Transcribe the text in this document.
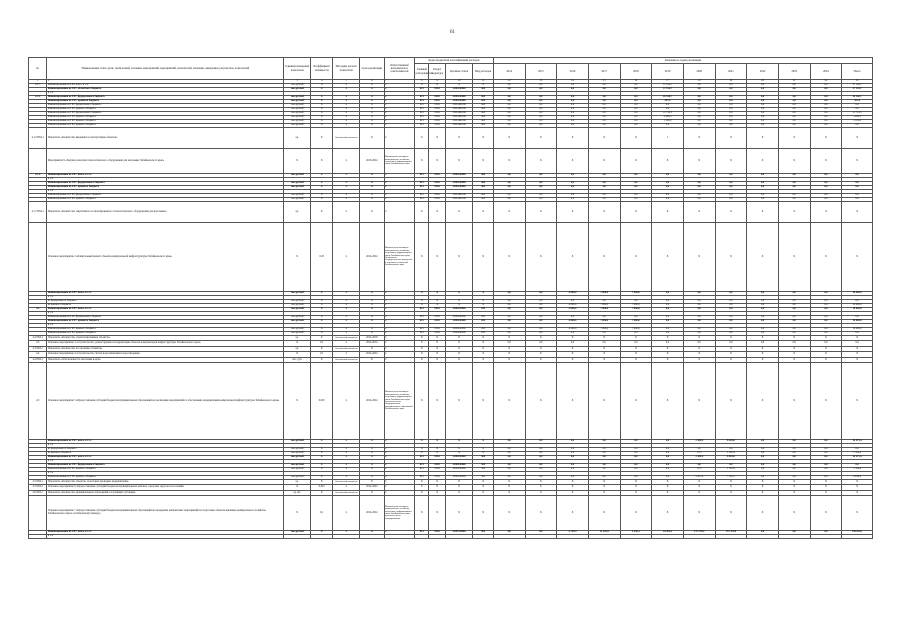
61
№	Наименование этапа, цели, тактический, основные мероприятий, мероприятий, показателей, значения, ожидаемых результатов, показателей	Единица измерения показателя	Коэффициент значимости	Методика расчета показателя	Срок реализации	Ответственный исполнитель и соисполнители	Коды бюджетной классификации расходов				Значения по годам реализации											
							Главный распорядитель	Раздел подраздел	Целевая статья	Вид расходов	2014	2015	2016	2017	2018	2019	2020	2021	2022	2023	2024	Итого

1	2	3	4	5	6	7	8	9	10	11	12	13	14	15	16	17	18	19	20	21	22	23
4.1.3	Финансирование из ГБУ всего, в т.ч.:	тыс.рублей	X	X	X	X	X	X	X	X	0,0	0,0	0,0	0,0	0,0	37 194,7	0,0	0,0	0,0	0,0	0,0	37 194,7
	Финансирование из ГБУ областного бюджета	тыс.рублей	X	X	X	X	821	0502	3300140060	400	0,0	0,0	0,0	0,0	0,0	37 194,7	0,0	0,0	0,0	0,0	0,0	37 194,7
	в т.ч.																					
4.1.4	Финансирование из ГБУ федерального бюджета	тыс.рублей	X	X	X	X	821	0502	3300140060	400	0,0	0,0	0,0	0,0	0,0	20 140,7	0,0	0,0	0,0	0,0	0,0	20 140,7
	Финансирование из ГБУ краевого бюджета	тыс.рублей	X	X	X	X	821	0502	3300140060	400	0,0	0,0	0,0	0,0	0,0	957,0	0,0	0,0	0,0	0,0	0,0	957,0
	Финансирование из ГБУ федерального бюджета	тыс.рублей	X	X	X	X	821	0502	33001R0180	400	0,0	0,0	0,0	0,0	0,0	0,0	0,0	0,0	0,0	0,0	0,0	0,0
	Финансирование из ГБУ краевого бюджета	тыс.рублей	X	X	X	X	821	0502	33001R0180	400	0,0	0,0	0,0	0,0	0,0	0,0	0,0	0,0	0,0	0,0	0,0	0,0
	Финансирование из ГБУ федерального бюджета	тыс.рублей	X	X	X	X	821	0502	33001R0180	400	0,0	0,0	0,0	0,0	0,0	11 710,5	0,0	0,0	0,0	0,0	0,0	11 710,5
	Финансирование из ГБУ краевого бюджета	тыс.рублей	X	X	X	X	821	0502	33001R0180	400	0,0	0,0	0,0	0,0	0,0	3 286,5	0,0	0,0	0,0	0,0	0,0	3 286,5
	Финансирование из ГБУ краевого бюджета	тыс.рублей	X	X	X	X	821	0502	33001R0180	400	0,0	0,0	0,0	0,0	0,0	1 100,0	0,0	0,0	0,0	0,0	0,0	1 100,0
	Финансирование из ГБУ краевого бюджета	тыс.рублей	X	X	X	X	821	0502	33001R0180	400	0,0	0,0	0,0	0,0	0,0	0,0	0,0	0,0	0,0	0,0	0,0	0,0
4.1.5 ПМ-1	Показатель «Количество введенных в эксплуатацию объектов»	ед.	X	Абсолютный показатель	X	X	X	X	X	X	X	X	X	X	X	1	X	X	X	X	X	X
	Мероприятие 9 «Закупка и монтаж технологического оборудования для котельных Забайкальского края»	X	X	X	2019-2024	Министерство жилищно-коммунального хозяйства, энергетики, цифровизации и связи Забайкальского края	X	X	X	X	X	X	X	X	X	X	X	X	X	X	X	X
4.1.6	Финансирование из ГБУ всего, в т.ч.:	тыс.рублей	X	X	X	X	821	0502	3300140060	400	0,0	0,0	0,0	0,0	0,0	0,0	0,0	0,0	0,0	0,0	0,0	0,0
	в т.ч.																					
	Финансирование из ГБУ федерального бюджета	тыс.рублей	X	X	X	X	821	0502	3300140060	400	0,0	0,0	0,0	0,0	0,0	0,0	0,0	0,0	0,0	0,0	0,0	0,0
	Финансирование из ГБУ краевого бюджета	тыс.рублей	X	X	X	X	821	0502	3300140060	400	0,0	0,0	0,0	0,0	0,0	0,0	0,0	0,0	0,0	0,0	0,0	0,0
	в т.ч.																					
	Финансирование из ГБУ федерального бюджета	тыс.рублей	X	X	X	X	821	0502	33001R0180	400	0,0	0,0	0,0	0,0	0,0	0,0	0,0	0,0	0,0	0,0	0,0	0,0
	Финансирование из ГБУ краевого бюджета	тыс.рублей	X	X	X	X	821	0502	33001R0180	400	0,0	0,0	0,0	0,0	0,0	0,0	0,0	0,0	0,0	0,0	0,0	0,0
4.1.7 ПМ-1	Показатель «Количество закупленного и смонтированного технологического оборудования для котельных»	ед.	X	X	X	X	X	X	X	X	X	X	X	X	X	X	X	X	X	X	X	X
	Основное мероприятие 2 «Капитальный ремонт объектов коммунальной инфраструктуры Забайкальского края»	X	0,25	X	2014-2024	Министерство жилищно-коммунального хозяйства, энергетики, цифровизации и связи Забайкальского края; Департамент государственного имущества и земельных отношений Забайкальского края	X	X	X	X	X	X	X	X	X	X	X	X	X	X	X	X
	Финансирование из ГБУ всего, в т.ч.:	тыс.рублей	X	X	X	X	X	X	X	X	0,0	0,0	4 000,0	7 000,0	7 000,0	0,0	0,0	0,0	0,0	0,0	0,0	18 000,0
	в т.ч.																					
	из федерального бюджета	тыс.рублей	X	X	X	X	X	X	X	X	0,0	0,0	0,0	0,0	0,0	0,0	0,0	0,0	0,0	0,0	0,0	0,0
	из краевого бюджета	тыс.рублей	X	X	X	X	X	X	X	X	0,0	0,0	4 000,0	7 000,0	7 000,0	0,0	0,0	0,0	0,0	0,0	0,0	18 000,0
4.2	Финансирование из ГБУ всего, в т.ч.:	тыс.рублей	X	X	X	X	821	0502	3300240060	200	0,0	0,0	4 000,0	7 000,0	7 000,0	0,0	0,0	0,0	0,0	0,0	0,0	18 000,0
	в т.ч.																					
	Финансирование из ГБУ федерального бюджета	тыс.рублей	X	X	X	X	821	0502	3300240060	200	0,0	0,0	0,0	0,0	0,0	0,0	0,0	0,0	0,0	0,0	0,0	0,0
	Финансирование из ГБУ краевого бюджета	тыс.рублей	X	X	X	X	821	0502	3300240060	200	0,0	0,0	4 000,0	7 000,0	7 000,0	0,0	0,0	0,0	0,0	0,0	0,0	18 000,0
	в т.ч.																					
	Финансирование из ГБУ краевого бюджета	тыс.рублей	X	X	X	X	821	0502	3300240060	200	0,0	0,0	4 000,0	7 000,0	7 000,0	0,0	0,0	0,0	0,0	0,0	0,0	18 000,0
	Финансирование из ГБУ краевого бюджета	тыс.рублей	X	X	X	X	821	0502	3300240060	200	0,0	0,0	0,0	0,0	0,0	0,0	0,0	0,0	0,0	0,0	0,0	0,0
4.2 ПМ-1	Показатель «Количество отремонтированных объектов»	ед.	X	Абсолютный показатель	2014-2018	X	X	X	X	X	X	X	X	X	X	X	X	X	X	X	X	X
4.3	Основное мероприятие 3 «Строительство, реконструкция и модернизация объектов коммунальной инфраструктуры Забайкальского края»	X	0,1	X	2014-2014	X	X	X	X	X	0,0	0,0	0,0	0,0	0,0	0,0	0,0	0,0	0,0	0,0	0,0	0,0
4.3 ПМ-1	Показатель «Количество построенных объектов»	ед.	X	Абсолютный показатель	X	X	X	X	X	X	X	X	X	X	X	X	X	X	X	X	X	X
4.4	Основное мероприятие 4 «Строительство систем водоснабжения и водоотведения»	X	0,1	X	2014-2024	X	X	X	X	X	X	X	X	X	X	X	X	X	X	X	X	X
4.4 ПМ-1	Показатель «Обеспеченность населения водой»	тыс. руб.	X	Абсолютный показатель	X	X	X	X	X	X	X	X	X	X	X	X	X	X	X	X	X	X
4.5	Основное мероприятие 5 «Предоставление субсидий бюджетам муниципальных образований на реализацию мероприятий по обеспечению модернизации коммунальной инфраструктуры Забайкальского края»	X	0,025	X	2014-2024	Министерство жилищно-коммунального хозяйства, энергетики, цифровизации и связи Забайкальского края; органы местного самоуправления муниципальных образований Забайкальского края	X	X	X	X	X	X	X	X	X	X	X	X	X	X	X	X
	Финансирование из ГБУ всего, в т.ч.:	тыс.рублей	X	X	X	X	X	X	X	X	0,0	0,0	0,0	0,0	0,0	0,0	1 449,4	8 824,0	0,0	0,0	0,0	10 273,4
	в т.ч.																					
	из федерального бюджета	тыс.рублей	X	X	X	X	X	X	X	X	0,0	0,0	0,0	0,0	0,0	0,0	0,0	0,0	0,0	0,0	0,0	0,0
	из краевого бюджета	тыс.рублей	X	X	X	X	X	X	X	X	0,0	0,0	0,0	0,0	0,0	0,0	11,5	1 322,9	0,0	0,0	0,0	1 334,4
	Финансирование из ГБУ всего, в т.ч.:	тыс.рублей	X	X	X	X	821	0502	3300540060	500	0,0	0,0	0,0	0,0	0,0	0,0	1 449,4	8 824,0	0,0	0,0	0,0	10 273,4
	в т.ч.																					
	Финансирование из ГБУ федерального бюджета	тыс.рублей	X	X	X	X	821	0502	3300540060	500	0,0	0,0	0,0	0,0	0,0	0,0	0,0	0,0	0,0	0,0	0,0	0,0
	Финансирование из ГБУ краевого бюджета	тыс.рублей	X	X	X	X	821	0502	3300540060	500	0,0	0,0	0,0	0,0	0,0	0,0	11,5	1 322,9	0,0	0,0	0,0	1 334,4
	в т.ч.																					
	Финансирование из ГБУ краевого бюджета	тыс.рублей	X	X	X	X	821	0502	3300540060	500	0,0	0,0	0,0	0,0	0,0	0,0	1 437,9	7 501,1	0,0	0,0	0,0	8 939,0
4.5 ПМ-1	Показатель «Количество объектов, на которых проведена модернизация»	ед.	X	Абсолютный показатель	X	X	X	X	X	X	X	X	X	X	X	X	X	X	X	X	X	X
4.5 ПМ-2	Основное мероприятие 6 «Предоставление субсидий бюджетам муниципальных районов, городских округов и поселений»	X	0,025	X	2014-2024	X	X	X	X	X	X	X	X	X	X	X	X	X	X	X	X	X
4.6 ПМ-1	Показатель «Количество муниципальных образований, получивших субсидии»	ед. шт.	X	Абсолютный показатель	X	X	X	X	X	X	X	X	X	X	X	X	X	X	X	X	X	X
	Основное мероприятие 7 «Предоставление субсидий бюджетам муниципальных образований на проведение комплексных мероприятий по подготовке объектов жилищно-коммунального хозяйства Забайкальского края к отопительному периоду»	X	0,1	X	2014-2024	Министерство жилищно-коммунального хозяйства, энергетики, цифровизации и связи Забайкальского края; органы местного самоуправления	X	X	X	X	X	X	X	X	X	X	X	X	X	X	X	X
	Финансирование из ГБУ всего, в т.ч.:	тыс.рублей	X	X	X	X	821	0502	3300740060	500	0,0	0,0	2 794,3	11 244,5	9 256,1	16 204,2	137 578,2	172 572,8	0,0	0,0	0,0	349 650,1
	в т.ч.																					
